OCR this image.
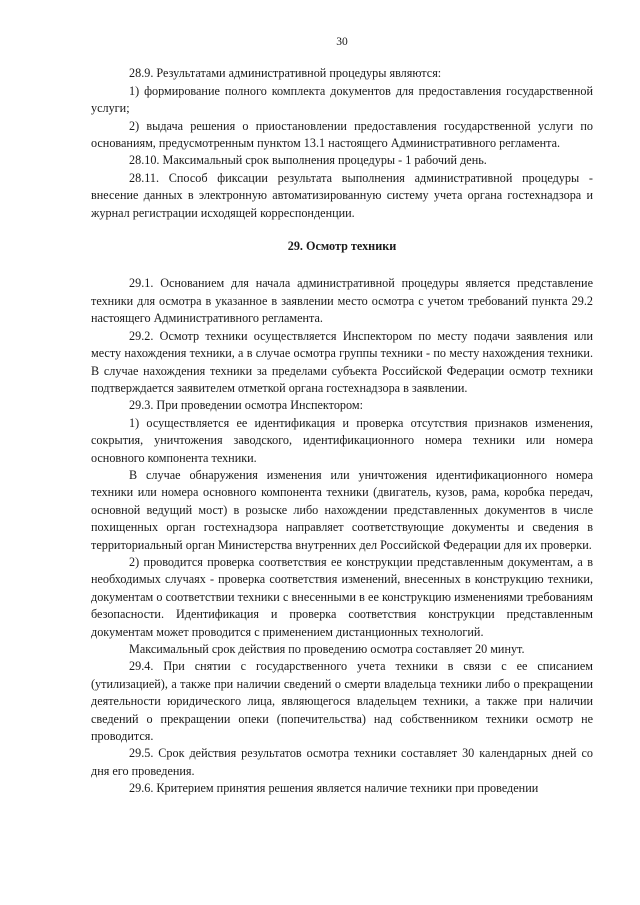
30

28.9. Результатами административной процедуры являются:

1) формирование полного комплекта документов для предоставления государственной услуги;

2) выдача решения о приостановлении предоставления государственной услуги по основаниям, предусмотренным пунктом 13.1 настоящего Административного регламента.

28.10. Максимальный срок выполнения процедуры - 1 рабочий день.

28.11. Способ фиксации результата выполнения административной процедуры - внесение данных в электронную автоматизированную систему учета органа гостехнадзора и журнал регистрации исходящей корреспонденции.

29. Осмотр техники

29.1. Основанием для начала административной процедуры является представление техники для осмотра в указанное в заявлении место осмотра с учетом требований пункта 29.2 настоящего Административного регламента.

29.2. Осмотр техники осуществляется Инспектором по месту подачи заявления или месту нахождения техники, а в случае осмотра группы техники - по месту нахождения техники. В случае нахождения техники за пределами субъекта Российской Федерации осмотр техники подтверждается заявителем отметкой органа гостехнадзора в заявлении.

29.3. При проведении осмотра Инспектором:

1) осуществляется ее идентификация и проверка отсутствия признаков изменения, сокрытия, уничтожения заводского, идентификационного номера техники или номера основного компонента техники.

В случае обнаружения изменения или уничтожения идентификационного номера техники или номера основного компонента техники (двигатель, кузов, рама, коробка передач, основной ведущий мост) в розыске либо нахождении представленных документов в числе похищенных орган гостехнадзора направляет соответствующие документы и сведения в территориальный орган Министерства внутренних дел Российской Федерации для их проверки.

2) проводится проверка соответствия ее конструкции представленным документам, а в необходимых случаях - проверка соответствия изменений, внесенных в конструкцию техники, документам о соответствии техники с внесенными в ее конструкцию изменениями требованиям безопасности. Идентификация и проверка соответствия конструкции представленным документам может проводится с применением дистанционных технологий.

Максимальный срок действия по проведению осмотра составляет 20 минут.

29.4. При снятии с государственного учета техники в связи с ее списанием (утилизацией), а также при наличии сведений о смерти владельца техники либо о прекращении деятельности юридического лица, являющегося владельцем техники, а также при наличии сведений о прекращении опеки (попечительства) над собственником техники осмотр не проводится.

29.5. Срок действия результатов осмотра техники составляет 30 календарных дней со дня его проведения.

29.6. Критерием принятия решения является наличие техники при проведении
